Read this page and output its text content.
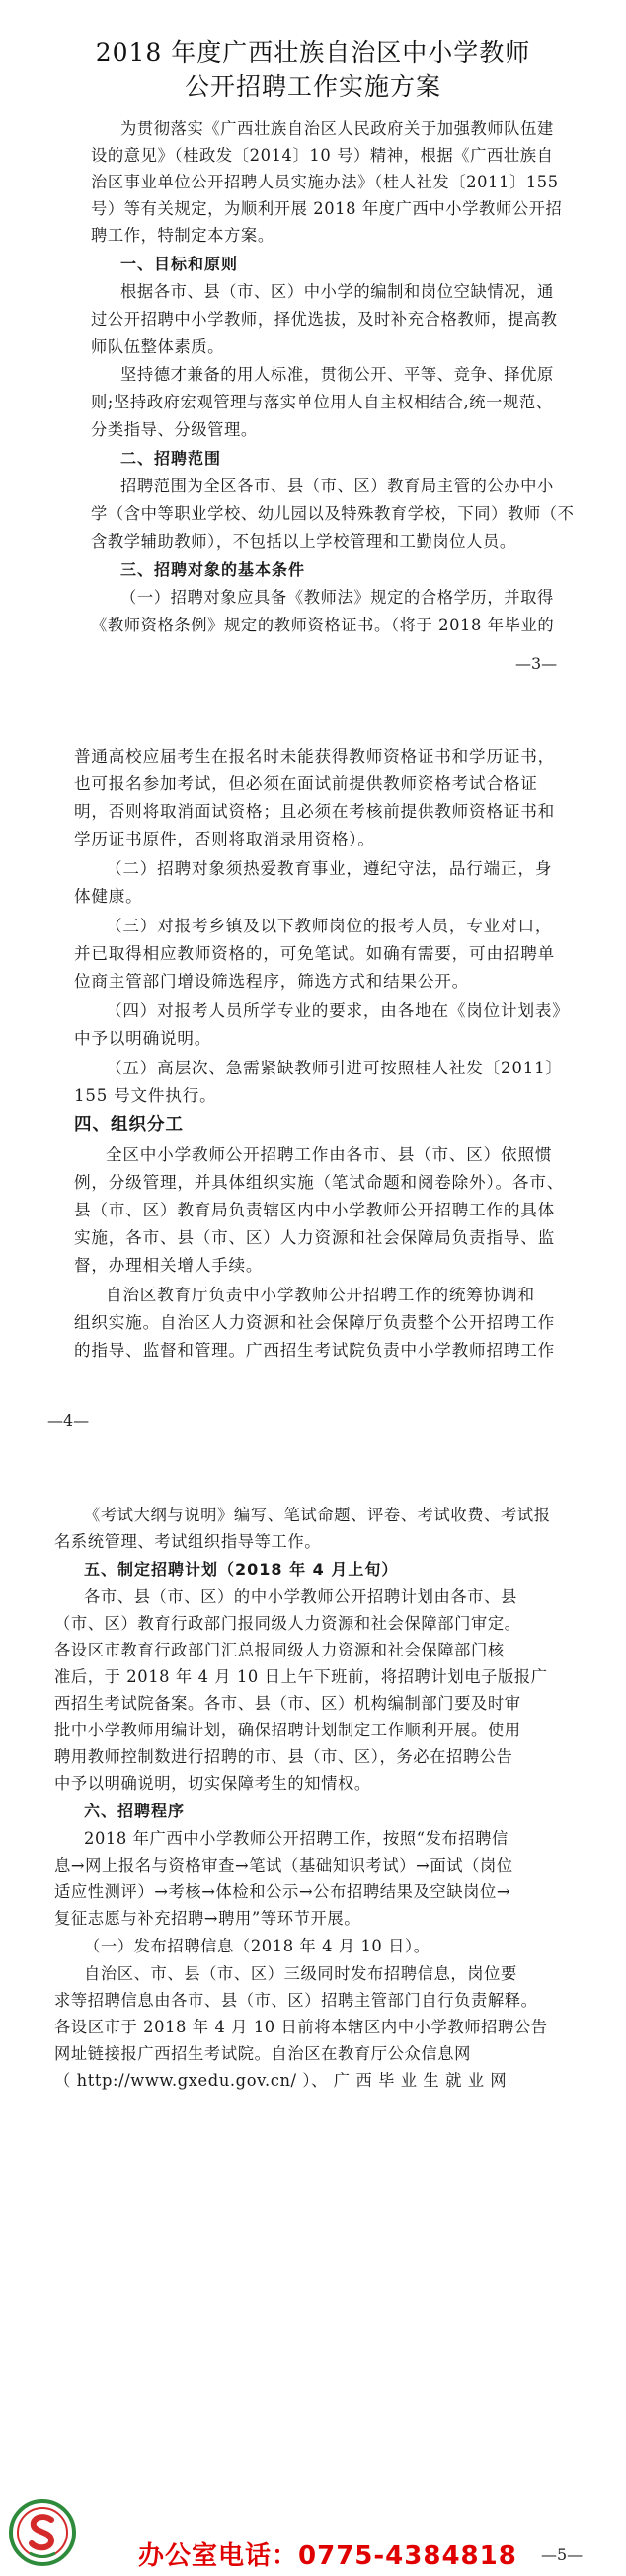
2018 年度广西壮族自治区中小学教师
公开招聘工作实施方案
为贯彻落实《广西壮族自治区人民政府关于加强教师队伍建
设的意见》（桂政发〔2014〕10 号）精神，根据《广西壮族自
治区事业单位公开招聘人员实施办法》（桂人社发〔2011〕155
号）等有关规定，为顺利开展 2018 年度广西中小学教师公开招
聘工作，特制定本方案。
一、目标和原则
根据各市、县（市、区）中小学的编制和岗位空缺情况，通
过公开招聘中小学教师，择优选拔，及时补充合格教师，提高教
师队伍整体素质。
坚持德才兼备的用人标准，贯彻公开、平等、竞争、择优原
则;坚持政府宏观管理与落实单位用人自主权相结合,统一规范、
分类指导、分级管理。
二、招聘范围
招聘范围为全区各市、县（市、区）教育局主管的公办中小
学（含中等职业学校、幼儿园以及特殊教育学校，下同）教师（不
含教学辅助教师），不包括以上学校管理和工勤岗位人员。
三、招聘对象的基本条件
（一）招聘对象应具备《教师法》规定的合格学历，并取得
《教师资格条例》规定的教师资格证书。（将于 2018 年毕业的
—3—
普通高校应届考生在报名时未能获得教师资格证书和学历证书，
也可报名参加考试，但必须在面试前提供教师资格考试合格证
明，否则将取消面试资格；且必须在考核前提供教师资格证书和
学历证书原件，否则将取消录用资格）。
（二）招聘对象须热爱教育事业，遵纪守法，品行端正，身
体健康。
（三）对报考乡镇及以下教师岗位的报考人员，专业对口，
并已取得相应教师资格的，可免笔试。如确有需要，可由招聘单
位商主管部门增设筛选程序，筛选方式和结果公开。
（四）对报考人员所学专业的要求，由各地在《岗位计划表》
中予以明确说明。
（五）高层次、急需紧缺教师引进可按照桂人社发〔2011〕
155 号文件执行。
四、组织分工
全区中小学教师公开招聘工作由各市、县（市、区）依照惯
例，分级管理，并具体组织实施（笔试命题和阅卷除外）。各市、
县（市、区）教育局负责辖区内中小学教师公开招聘工作的具体
实施，各市、县（市、区）人力资源和社会保障局负责指导、监
督，办理相关增人手续。
自治区教育厅负责中小学教师公开招聘工作的统筹协调和
组织实施。自治区人力资源和社会保障厅负责整个公开招聘工作
的指导、监督和管理。广西招生考试院负责中小学教师招聘工作
—4—
《考试大纲与说明》编写、笔试命题、评卷、考试收费、考试报
名系统管理、考试组织指导等工作。
五、制定招聘计划（2018 年 4 月上旬）
各市、县（市、区）的中小学教师公开招聘计划由各市、县
（市、区）教育行政部门报同级人力资源和社会保障部门审定。
各设区市教育行政部门汇总报同级人力资源和社会保障部门核
准后，于 2018 年 4 月 10 日上午下班前，将招聘计划电子版报广
西招生考试院备案。各市、县（市、区）机构编制部门要及时审
批中小学教师用编计划，确保招聘计划制定工作顺利开展。使用
聘用教师控制数进行招聘的市、县（市、区），务必在招聘公告
中予以明确说明，切实保障考生的知情权。
六、招聘程序
2018 年广西中小学教师公开招聘工作，按照“发布招聘信
息→网上报名与资格审查→笔试（基础知识考试）→面试（岗位
适应性测评）→考核→体检和公示→公布招聘结果及空缺岗位→
复征志愿与补充招聘→聘用”等环节开展。
（一）发布招聘信息（2018 年 4 月 10 日）。
自治区、市、县（市、区）三级同时发布招聘信息，岗位要
求等招聘信息由各市、县（市、区）招聘主管部门自行负责解释。
各设区市于 2018 年 4 月 10 日前将本辖区内中小学教师招聘公告
网址链接报广西招生考试院。自治区在教育厅公众信息网
（ http://www.gxedu.gov.cn/ ）、 广 西 毕 业 生 就 业 网
办公室电话：0775-4384818 —5—
